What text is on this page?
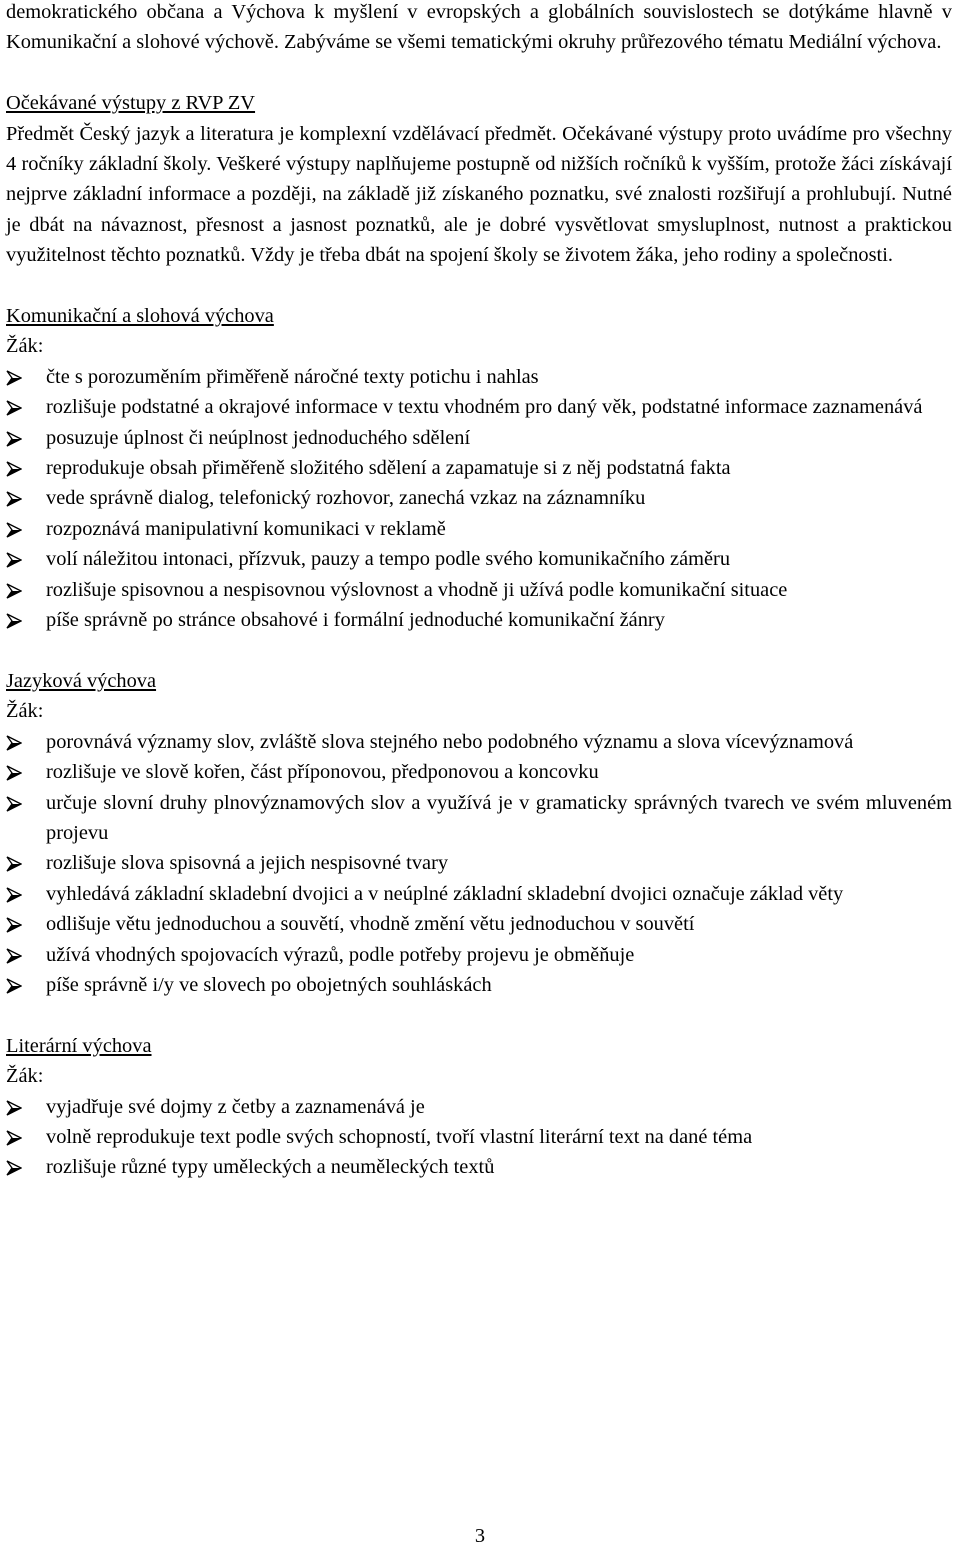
demokratického občana a Výchova k myšlení v evropských a globálních souvislostech se dotýkáme hlavně v Komunikační a slohové výchově. Zabýváme se všemi tematickými okruhy průřezového tématu Mediální výchova.

Očekávané výstupy z RVP ZV

Předmět Český jazyk a literatura je komplexní vzdělávací předmět. Očekávané výstupy proto uvádíme pro všechny 4 ročníky základní školy. Veškeré výstupy naplňujeme postupně od nižších ročníků k vyšším, protože žáci získávají nejprve základní informace a později, na základě již získaného poznatku, své znalosti rozšiřují a prohlubují. Nutné je dbát na návaznost, přesnost a jasnost poznatků, ale je dobré vysvětlovat smysluplnost, nutnost a praktickou využitelnost těchto poznatků. Vždy je třeba dbát na spojení školy se životem žáka, jeho rodiny a společnosti.

Komunikační a slohová výchova

Žák:

čte s porozuměním přiměřeně náročné texty potichu i nahlas
rozlišuje podstatné a okrajové informace v textu vhodném pro daný věk, podstatné informace zaznamenává
posuzuje úplnost či neúplnost jednoduchého sdělení
reprodukuje obsah přiměřeně složitého sdělení a zapamatuje si z něj podstatná fakta
vede správně dialog, telefonický rozhovor, zanechá vzkaz na záznamníku
rozpoznává manipulativní komunikaci v reklamě
volí náležitou intonaci, přízvuk, pauzy a tempo podle svého komunikačního záměru
rozlišuje spisovnou a nespisovnou výslovnost a vhodně ji užívá podle komunikační situace
píše správně po stránce obsahové i formální jednoduché komunikační žánry

Jazyková výchova

Žák:

porovnává významy slov, zvláště slova stejného nebo podobného významu a slova vícevýznamová
rozlišuje ve slově kořen, část příponovou, předponovou a koncovku
určuje slovní druhy plnovýznamových slov a využívá je v gramaticky správných tvarech ve svém mluveném projevu
rozlišuje slova spisovná a jejich nespisovné tvary
vyhledává základní skladební dvojici a v neúplné základní skladební dvojici označuje základ věty
odlišuje větu jednoduchou a souvětí, vhodně změní větu jednoduchou v souvětí
užívá vhodných spojovacích výrazů, podle potřeby projevu je obměňuje
píše správně i/y ve slovech po obojetných souhláskách

Literární výchova

Žák:

vyjadřuje své dojmy z četby a zaznamenává je
volně reprodukuje text podle svých schopností, tvoří vlastní literární text na dané téma
rozlišuje různé typy uměleckých a neuměleckých textů
3
